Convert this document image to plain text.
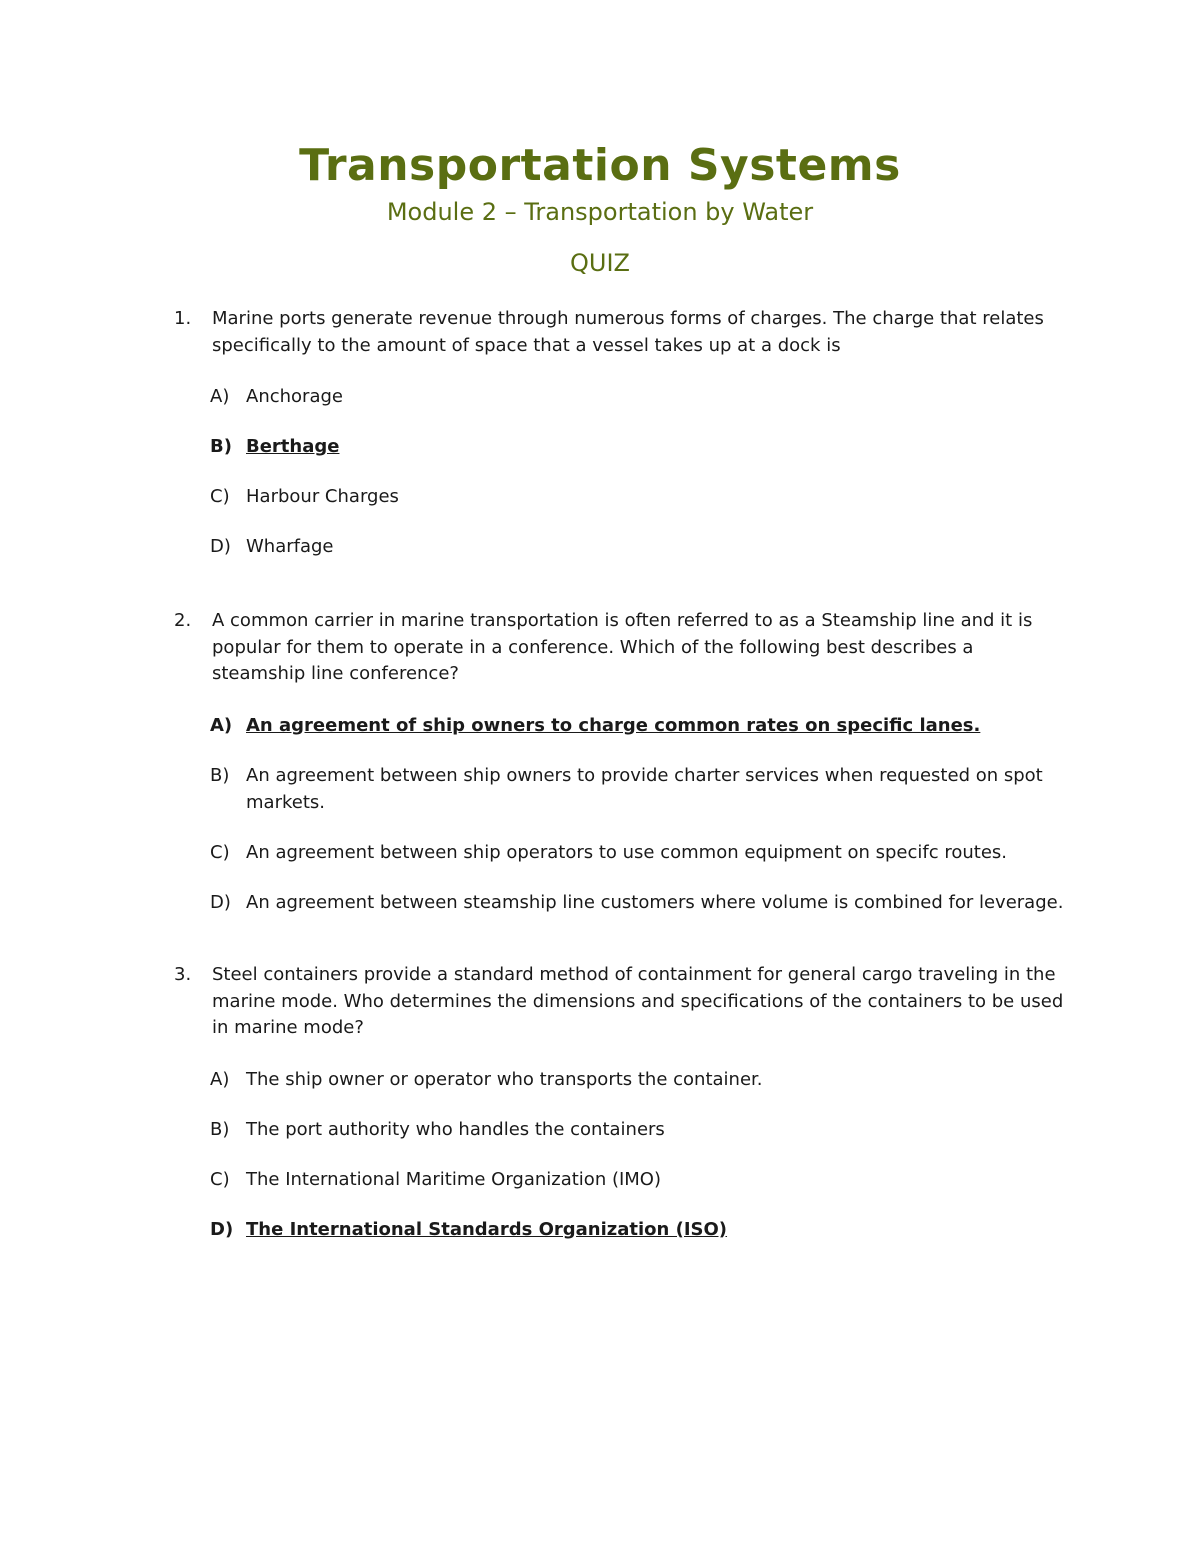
Transportation Systems
Module 2 – Transportation by Water
QUIZ
1. Marine ports generate revenue through numerous forms of charges. The charge that relates specifically to the amount of space that a vessel takes up at a dock is
A) Anchorage
B) Berthage
C) Harbour Charges
D) Wharfage
2. A common carrier in marine transportation is often referred to as a Steamship line and it is popular for them to operate in a conference. Which of the following best describes a steamship line conference?
A) An agreement of ship owners to charge common rates on specific lanes.
B) An agreement between ship owners to provide charter services when requested on spot markets.
C) An agreement between ship operators to use common equipment on specifc routes.
D) An agreement between steamship line customers where volume is combined for leverage.
3. Steel containers provide a standard method of containment for general cargo traveling in the marine mode. Who determines the dimensions and specifications of the containers to be used in marine mode?
A) The ship owner or operator who transports the container.
B) The port authority who handles the containers
C) The International Maritime Organization (IMO)
D) The International Standards Organization (ISO)
